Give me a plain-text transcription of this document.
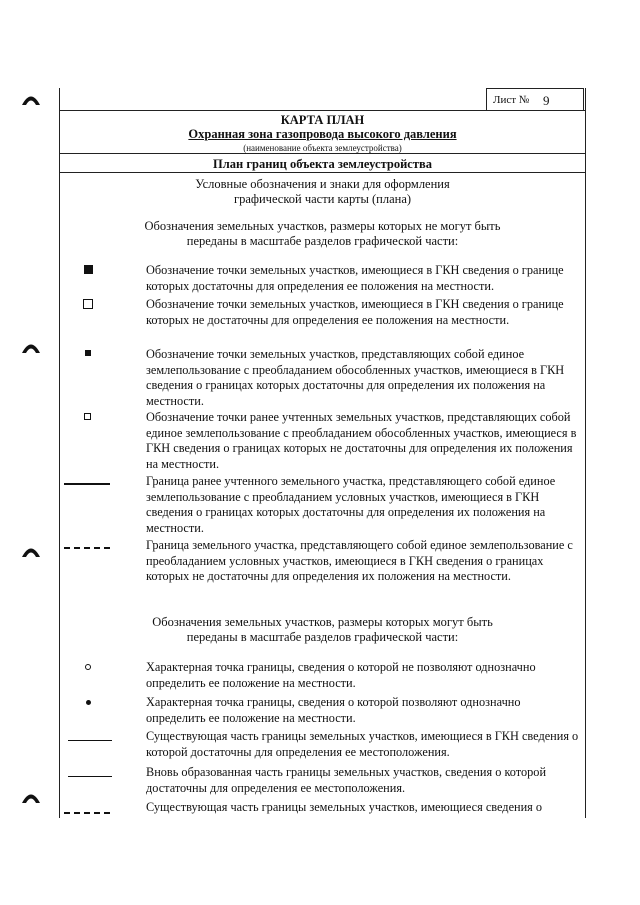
Лист № 9
КАРТА ПЛАН
Охранная зона газопровода высокого давления
(наименование объекта землеустройства)
План границ объекта землеустройства
Условные обозначения и знаки для оформления
графической части карты (плана)
Обозначения земельных участков, размеры которых не могут быть
переданы в масштабе разделов графической части:
Обозначение точки земельных участков, имеющиеся в ГКН сведения о границе которых достаточны для определения ее положения на местности.
Обозначение точки земельных участков, имеющиеся в ГКН сведения о границе которых не достаточны для определения ее положения на местности.
Обозначение точки земельных участков, представляющих собой единое землепользование с преобладанием обособленных участков, имеющиеся в ГКН сведения о границах которых достаточны для определения их положения на местности.
Обозначение точки ранее учтенных земельных участков, представляющих собой единое землепользование с преобладанием обособленных участков, имеющиеся в ГКН сведения о границах которых не достаточны для определения их положения на местности.
Граница ранее учтенного земельного участка, представляющего собой единое землепользование с преобладанием условных участков, имеющиеся в ГКН сведения о границах которых достаточны для определения их положения на местности.
Граница земельного участка, представляющего собой единое землепользование с преобладанием условных участков, имеющиеся в ГКН сведения о границах которых не достаточны для определения их положения на местности.
Обозначения земельных участков, размеры которых могут быть
переданы в масштабе разделов графической части:
Характерная точка границы, сведения о которой не позволяют однозначно определить ее положение на местности.
Характерная точка границы, сведения о которой позволяют однозначно определить ее положение на местности.
Существующая часть границы земельных участков, имеющиеся в ГКН сведения о которой достаточны для определения ее местоположения.
Вновь образованная часть границы земельных участков, сведения о которой достаточны для определения ее местоположения.
Существующая часть границы земельных участков, имеющиеся сведения о
